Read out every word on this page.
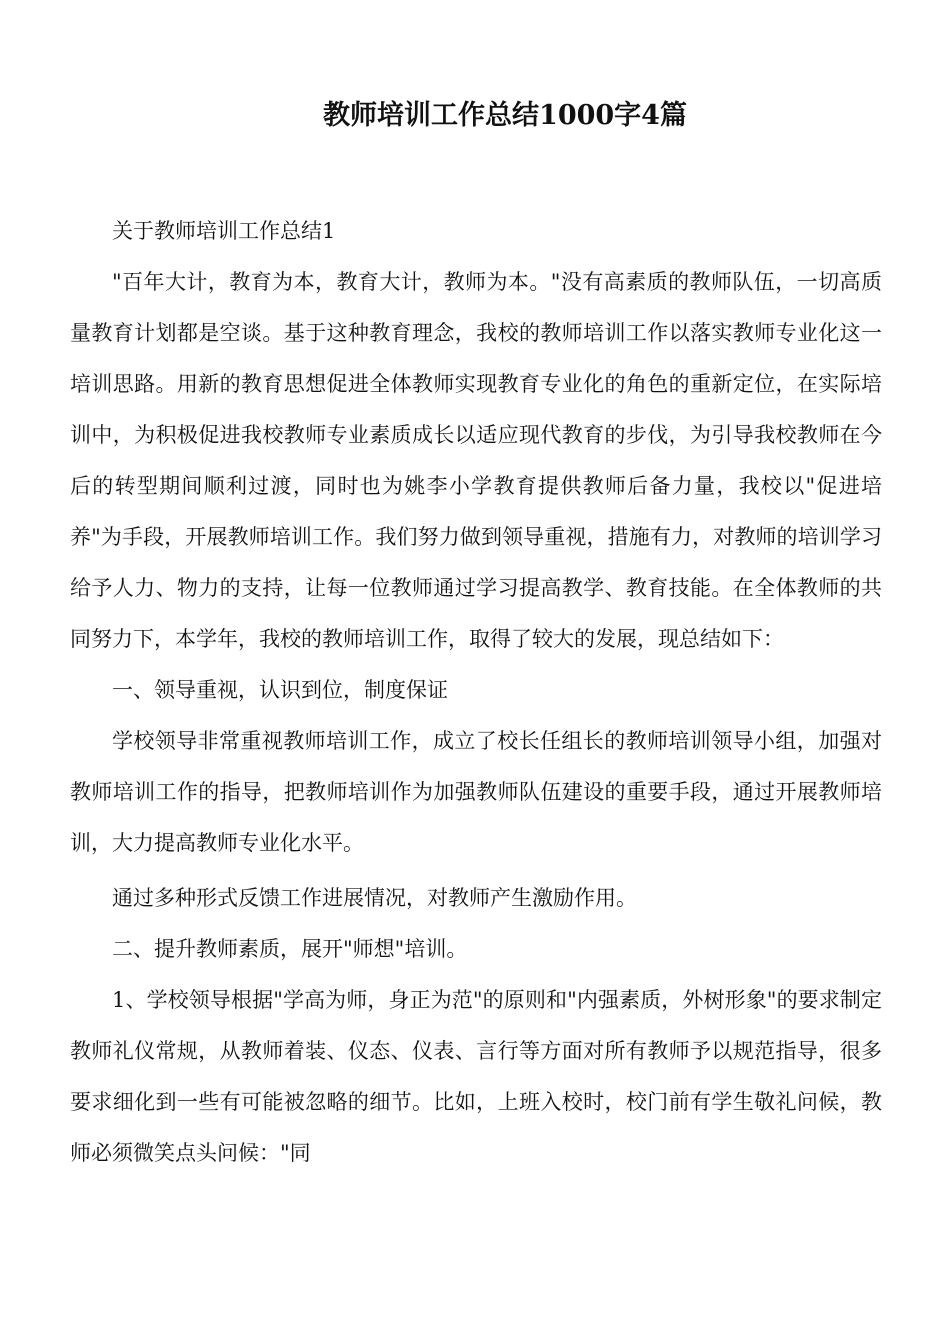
教师培训工作总结1000字4篇

关于教师培训工作总结1

"百年大计，教育为本，教育大计，教师为本。"没有高素质的教师队伍，一切高质量教育计划都是空谈。基于这种教育理念，我校的教师培训工作以落实教师专业化这一培训思路。用新的教育思想促进全体教师实现教育专业化的角色的重新定位，在实际培训中，为积极促进我校教师专业素质成长以适应现代教育的步伐，为引导我校教师在今后的转型期间顺利过渡，同时也为姚李小学教育提供教师后备力量，我校以"促进培养"为手段，开展教师培训工作。我们努力做到领导重视，措施有力，对教师的培训学习给予人力、物力的支持，让每一位教师通过学习提高教学、教育技能。在全体教师的共同努力下，本学年，我校的教师培训工作，取得了较大的发展，现总结如下：

一、领导重视，认识到位，制度保证

学校领导非常重视教师培训工作，成立了校长任组长的教师培训领导小组，加强对教师培训工作的指导，把教师培训作为加强教师队伍建设的重要手段，通过开展教师培训，大力提高教师专业化水平。

通过多种形式反馈工作进展情况，对教师产生激励作用。

二、提升教师素质，展开"师想"培训。

1、学校领导根据"学高为师，身正为范"的原则和"内强素质，外树形象"的要求制定教师礼仪常规，从教师着装、仪态、仪表、言行等方面对所有教师予以规范指导，很多要求细化到一些有可能被忽略的细节。比如，上班入校时，校门前有学生敬礼问候，教师必须微笑点头问候："同
